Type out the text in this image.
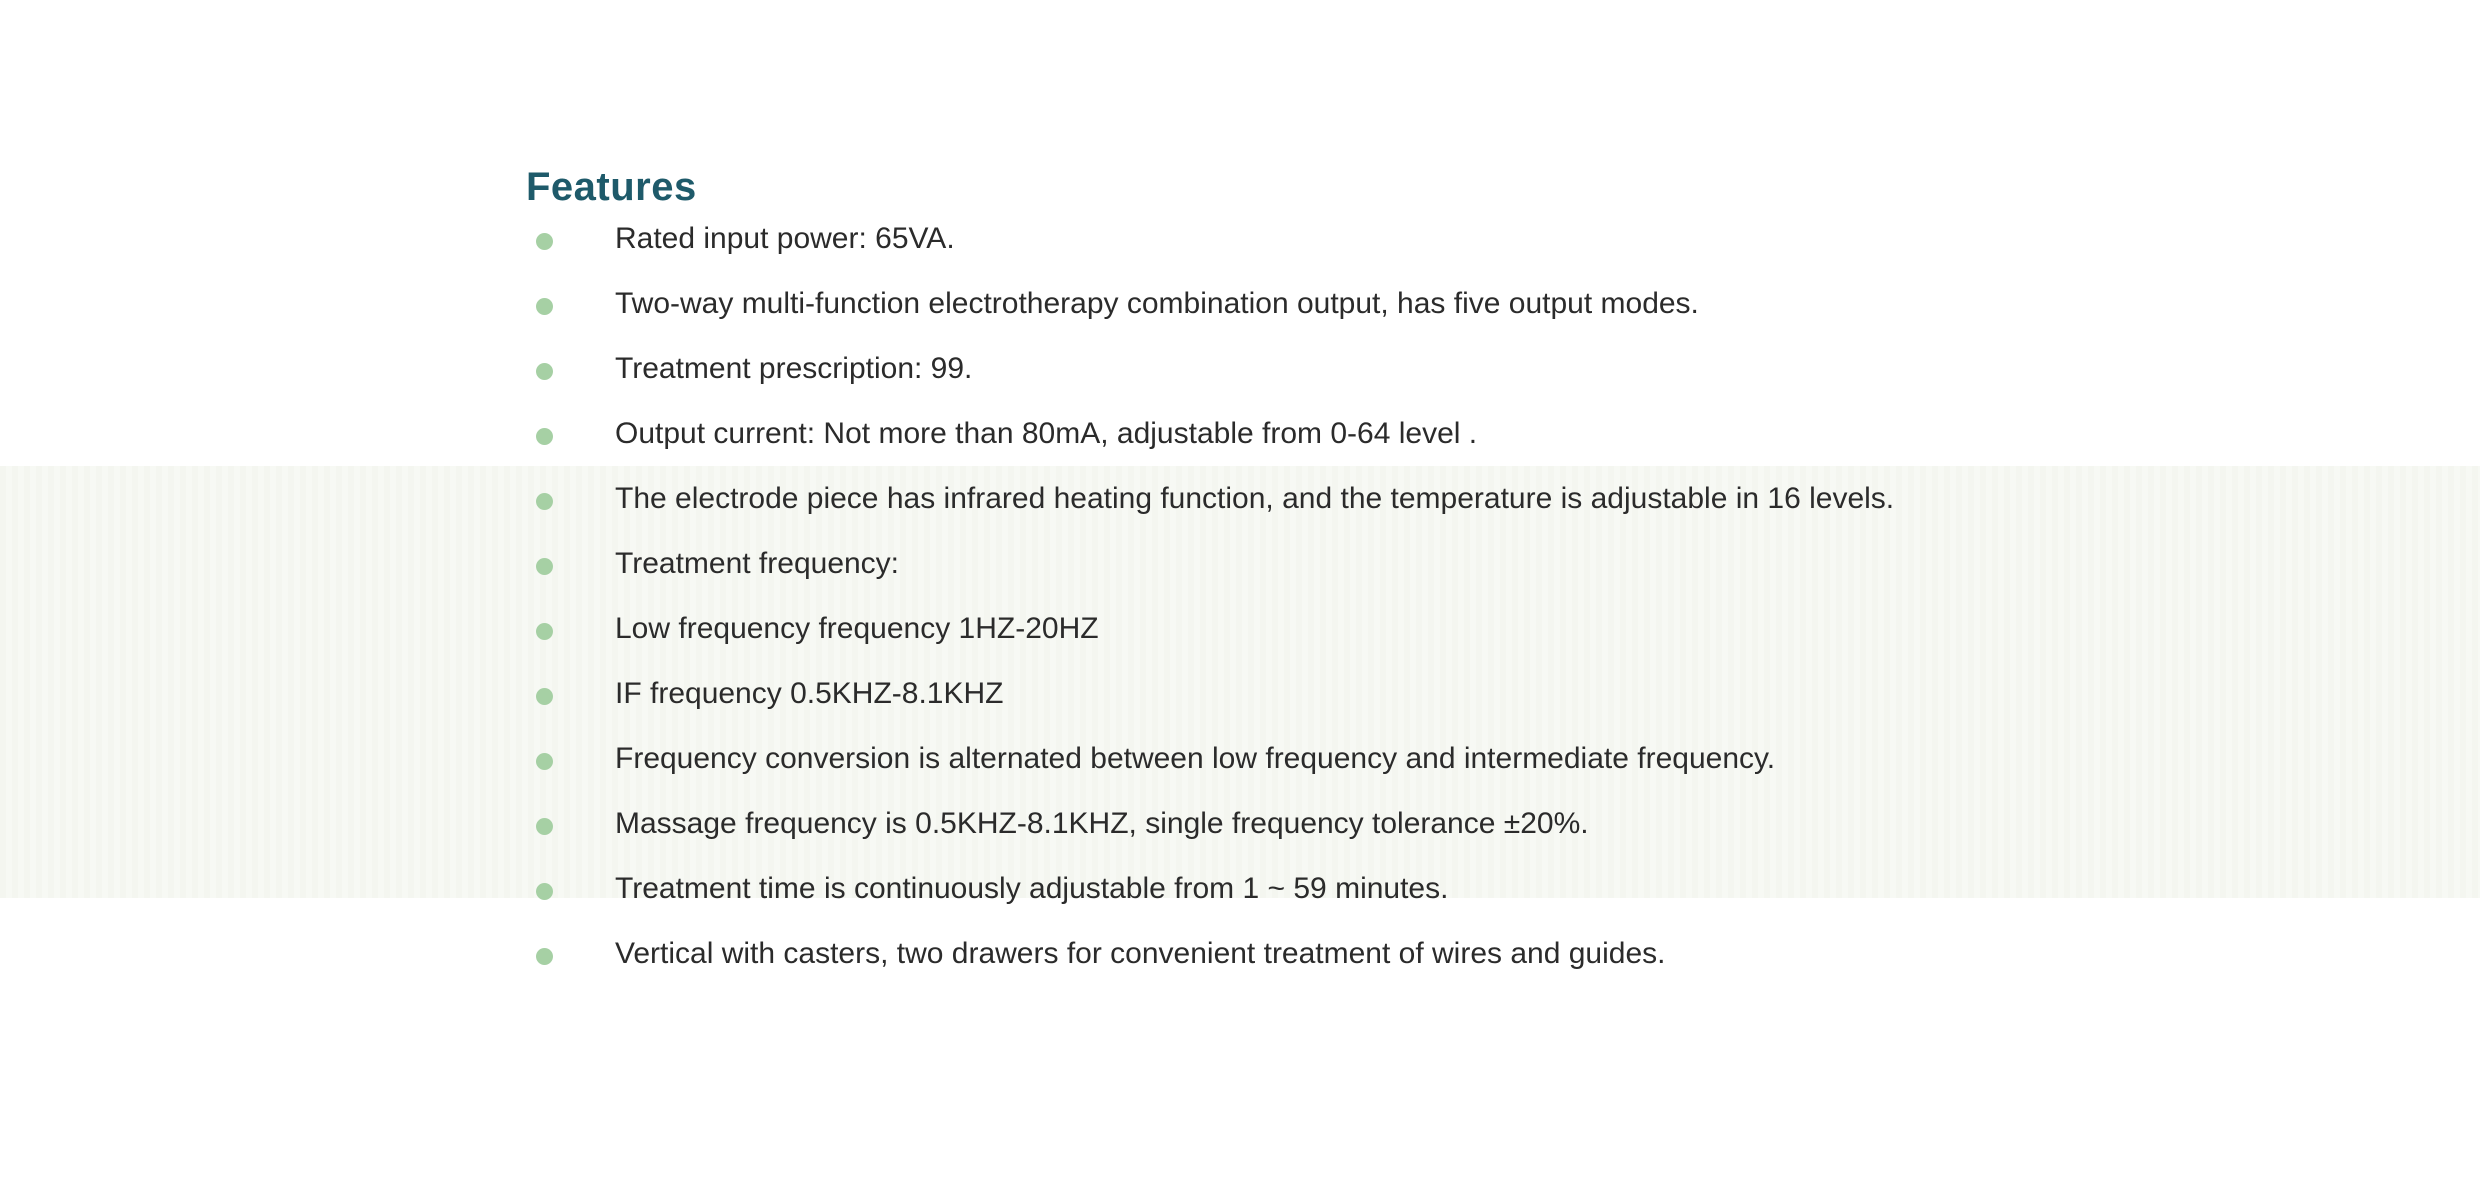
Features
Rated input power: 65VA.
Two-way multi-function electrotherapy combination output, has five output modes.
Treatment prescription: 99.
Output current: Not more than 80mA, adjustable from 0-64 level .
The electrode piece has infrared heating function, and the temperature is adjustable in 16 levels.
Treatment frequency:
Low frequency frequency 1HZ-20HZ
IF frequency 0.5KHZ-8.1KHZ
Frequency conversion is alternated between low frequency and intermediate frequency.
Massage frequency is 0.5KHZ-8.1KHZ, single frequency tolerance ±20%.
Treatment time is continuously adjustable from 1 ~ 59 minutes.
Vertical with casters, two drawers for convenient treatment of wires and guides.
